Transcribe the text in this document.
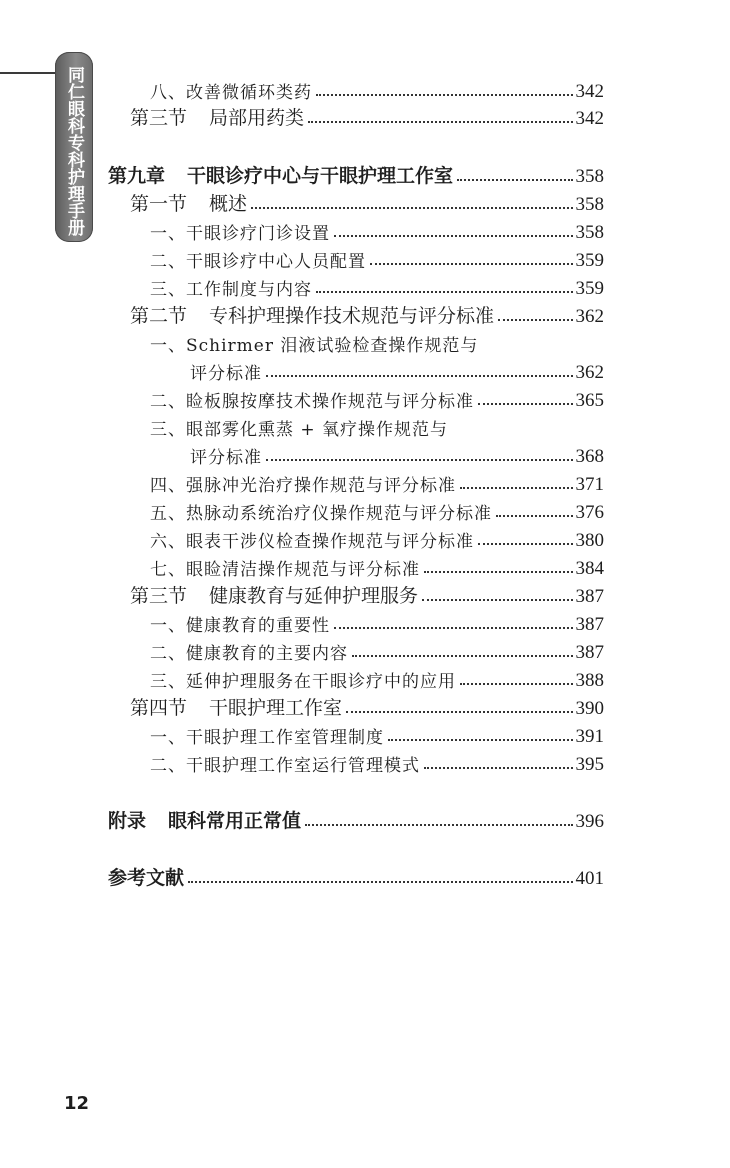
同仁眼科专科护理手册	八、改善微循环类药	342
第三节 局部用药类	342
第九章 干眼诊疗中心与干眼护理工作室	358
第一节 概述	358
一、干眼诊疗门诊设置	358
二、干眼诊疗中心人员配置	359
三、工作制度与内容	359
第二节 专科护理操作技术规范与评分标准	362
一、Schirmer 泪液试验检查操作规范与
评分标准	362
二、睑板腺按摩技术操作规范与评分标准	365
三、眼部雾化熏蒸 + 氧疗操作规范与
评分标准	368
四、强脉冲光治疗操作规范与评分标准	371
五、热脉动系统治疗仪操作规范与评分标准	376
六、眼表干涉仪检查操作规范与评分标准	380
七、眼睑清洁操作规范与评分标准	384
第三节 健康教育与延伸护理服务	387
一、健康教育的重要性	387
二、健康教育的主要内容	387
三、延伸护理服务在干眼诊疗中的应用	388
第四节 干眼护理工作室	390
一、干眼护理工作室管理制度	391
二、干眼护理工作室运行管理模式	395
附录 眼科常用正常值	396
参考文献	401
12
